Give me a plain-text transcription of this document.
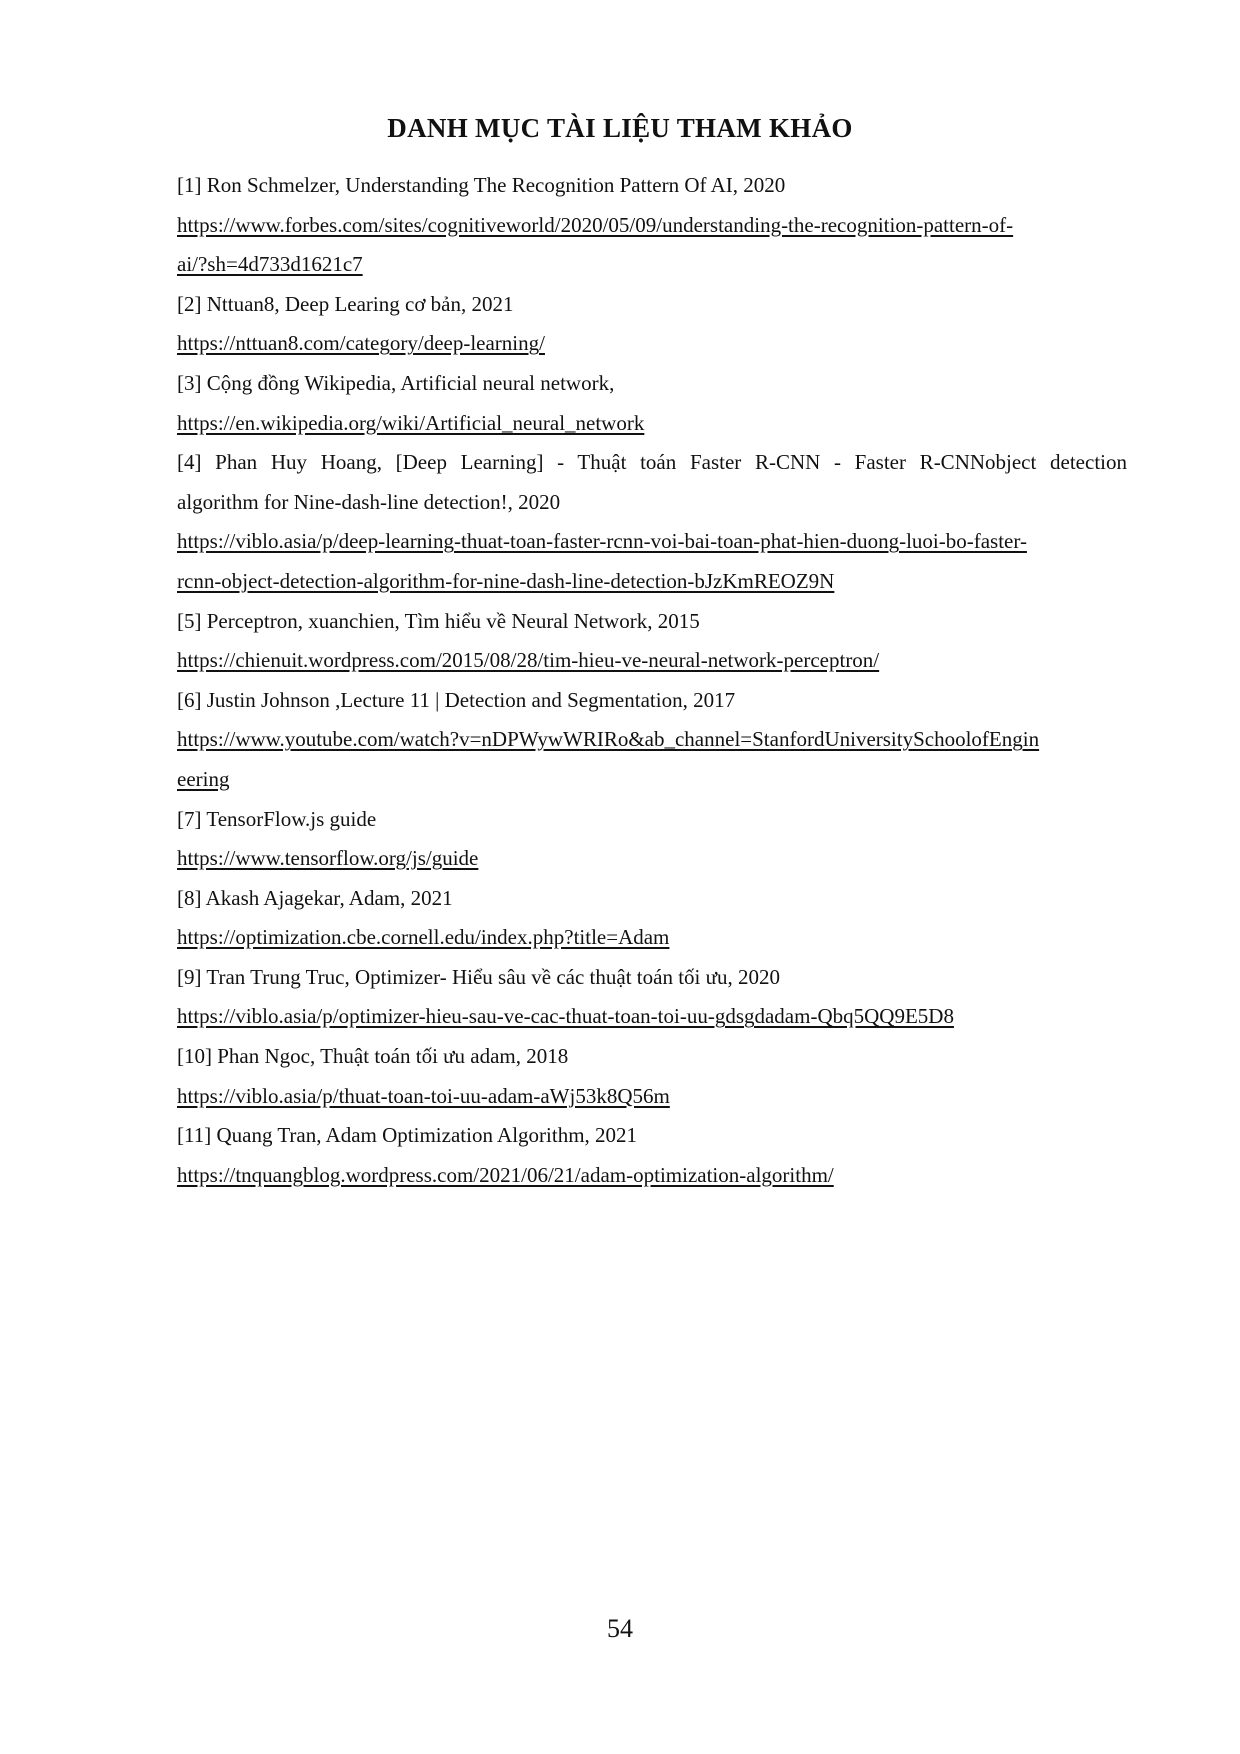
DANH MỤC TÀI LIỆU THAM KHẢO
[1] Ron Schmelzer, Understanding The Recognition Pattern Of AI, 2020
https://www.forbes.com/sites/cognitiveworld/2020/05/09/understanding-the-recognition-pattern-of-
ai/?sh=4d733d1621c7
[2] Nttuan8, Deep Learing cơ bản, 2021
https://nttuan8.com/category/deep-learning/
[3] Cộng đồng Wikipedia, Artificial neural network,
https://en.wikipedia.org/wiki/Artificial_neural_network
[4] Phan Huy Hoang, [Deep Learning] - Thuật toán Faster R-CNN - Faster R-CNNobject detection
algorithm for Nine-dash-line detection!, 2020
https://viblo.asia/p/deep-learning-thuat-toan-faster-rcnn-voi-bai-toan-phat-hien-duong-luoi-bo-faster-
rcnn-object-detection-algorithm-for-nine-dash-line-detection-bJzKmREOZ9N
[5] Perceptron, xuanchien, Tìm hiểu về Neural Network, 2015
https://chienuit.wordpress.com/2015/08/28/tim-hieu-ve-neural-network-perceptron/
[6] Justin Johnson ,Lecture 11 | Detection and Segmentation, 2017
https://www.youtube.com/watch?v=nDPWywWRIRo&ab_channel=StanfordUniversitySchoolofEngin
eering
[7] TensorFlow.js guide
https://www.tensorflow.org/js/guide
[8] Akash Ajagekar, Adam, 2021
https://optimization.cbe.cornell.edu/index.php?title=Adam
[9] Tran Trung Truc, Optimizer- Hiểu sâu về các thuật toán tối ưu, 2020
https://viblo.asia/p/optimizer-hieu-sau-ve-cac-thuat-toan-toi-uu-gdsgdadam-Qbq5QQ9E5D8
[10] Phan Ngoc, Thuật toán tối ưu adam, 2018
https://viblo.asia/p/thuat-toan-toi-uu-adam-aWj53k8Q56m
[11] Quang Tran, Adam Optimization Algorithm, 2021
https://tnquangblog.wordpress.com/2021/06/21/adam-optimization-algorithm/
54
